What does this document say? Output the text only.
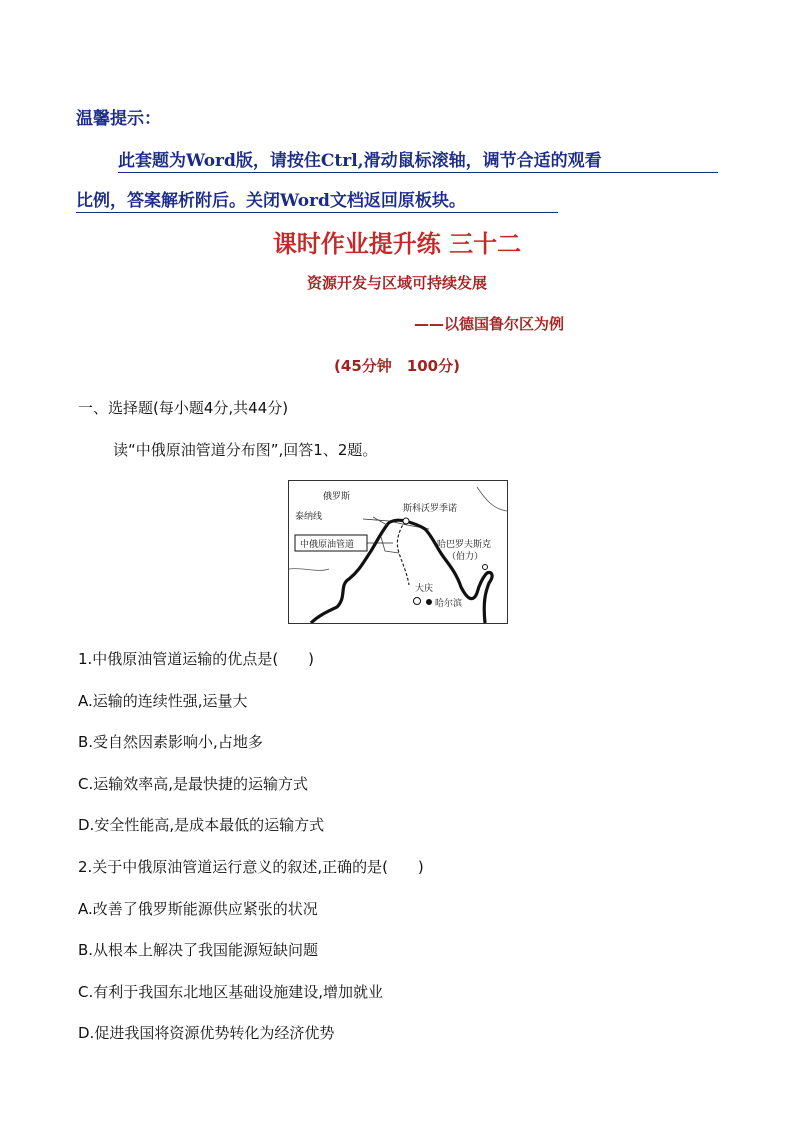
温馨提示：
此套题为Word版，请按住Ctrl,滑动鼠标滚轴，调节合适的观看
比例，答案解析附后。关闭Word文档返回原板块。
课时作业提升练 三十二
资源开发与区域可持续发展
——以德国鲁尔区为例
(45分钟　100分)
一、选择题(每小题4分,共44分)
读“中俄原油管道分布图”,回答1、2题。
俄罗斯
泰纳线
斯科沃罗季诺
中俄原油管道	哈巴罗夫斯克
（伯力）
大庆
哈尔滨
1.中俄原油管道运输的优点是(　　)
A.运输的连续性强,运量大
B.受自然因素影响小,占地多
C.运输效率高,是最快捷的运输方式
D.安全性能高,是成本最低的运输方式
2.关于中俄原油管道运行意义的叙述,正确的是(　　)
A.改善了俄罗斯能源供应紧张的状况
B.从根本上解决了我国能源短缺问题
C.有利于我国东北地区基础设施建设,增加就业
D.促进我国将资源优势转化为经济优势
